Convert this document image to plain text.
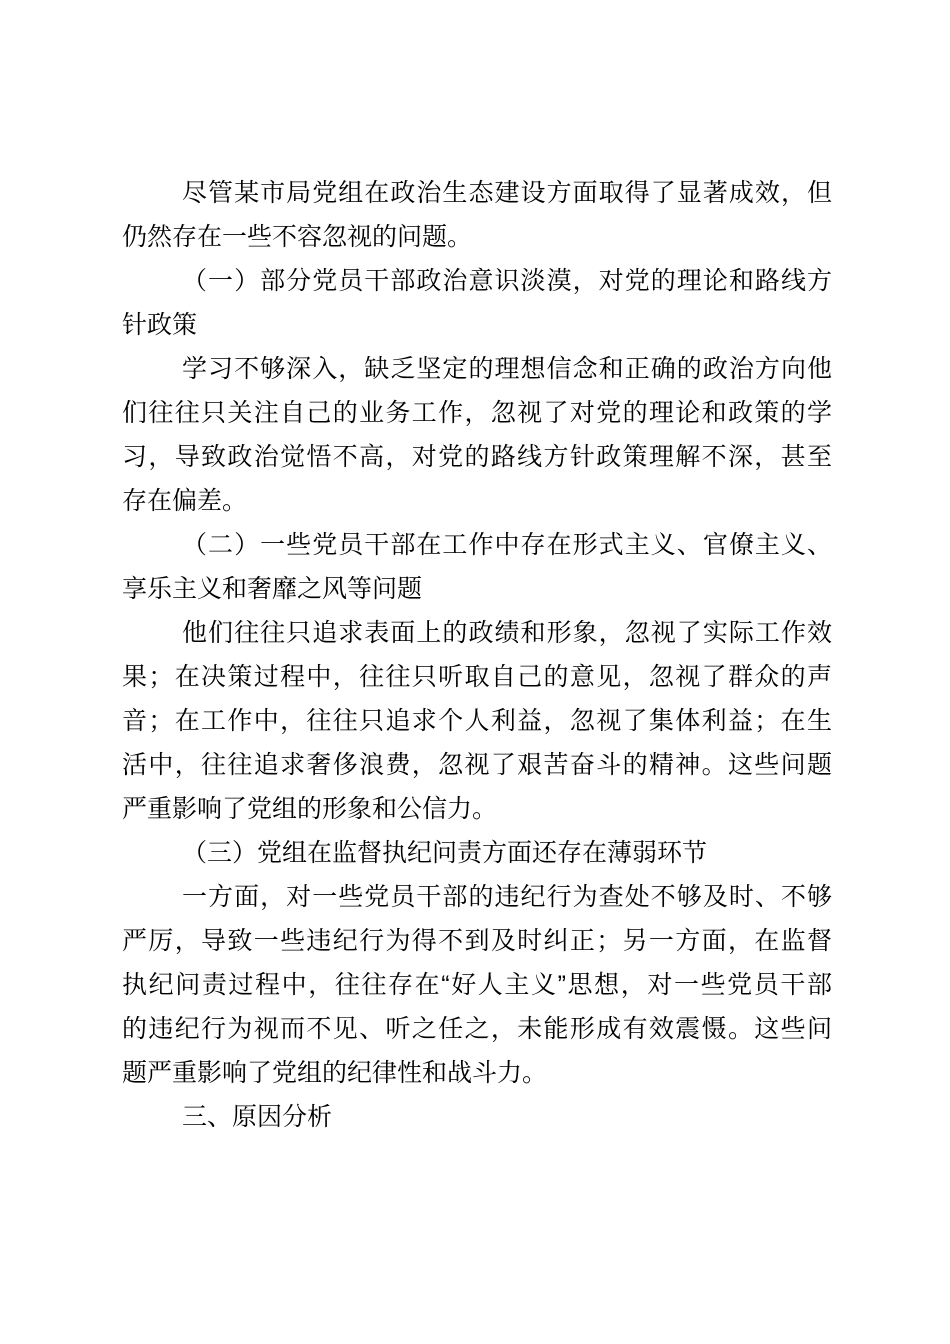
尽管某市局党组在政治生态建设方面取得了显著成效，但
仍然存在一些不容忽视的问题。
（一）部分党员干部政治意识淡漠，对党的理论和路线方
针政策
学习不够深入，缺乏坚定的理想信念和正确的政治方向他
们往往只关注自己的业务工作，忽视了对党的理论和政策的学
习，导致政治觉悟不高，对党的路线方针政策理解不深，甚至
存在偏差。
（二）一些党员干部在工作中存在形式主义、官僚主义、
享乐主义和奢靡之风等问题
他们往往只追求表面上的政绩和形象，忽视了实际工作效
果；在决策过程中，往往只听取自己的意见，忽视了群众的声
音；在工作中，往往只追求个人利益，忽视了集体利益；在生
活中，往往追求奢侈浪费，忽视了艰苦奋斗的精神。这些问题
严重影响了党组的形象和公信力。
（三）党组在监督执纪问责方面还存在薄弱环节
一方面，对一些党员干部的违纪行为查处不够及时、不够
严厉，导致一些违纪行为得不到及时纠正；另一方面，在监督
执纪问责过程中，往往存在“好人主义”思想，对一些党员干部
的违纪行为视而不见、听之任之，未能形成有效震慑。这些问
题严重影响了党组的纪律性和战斗力。
三、原因分析
